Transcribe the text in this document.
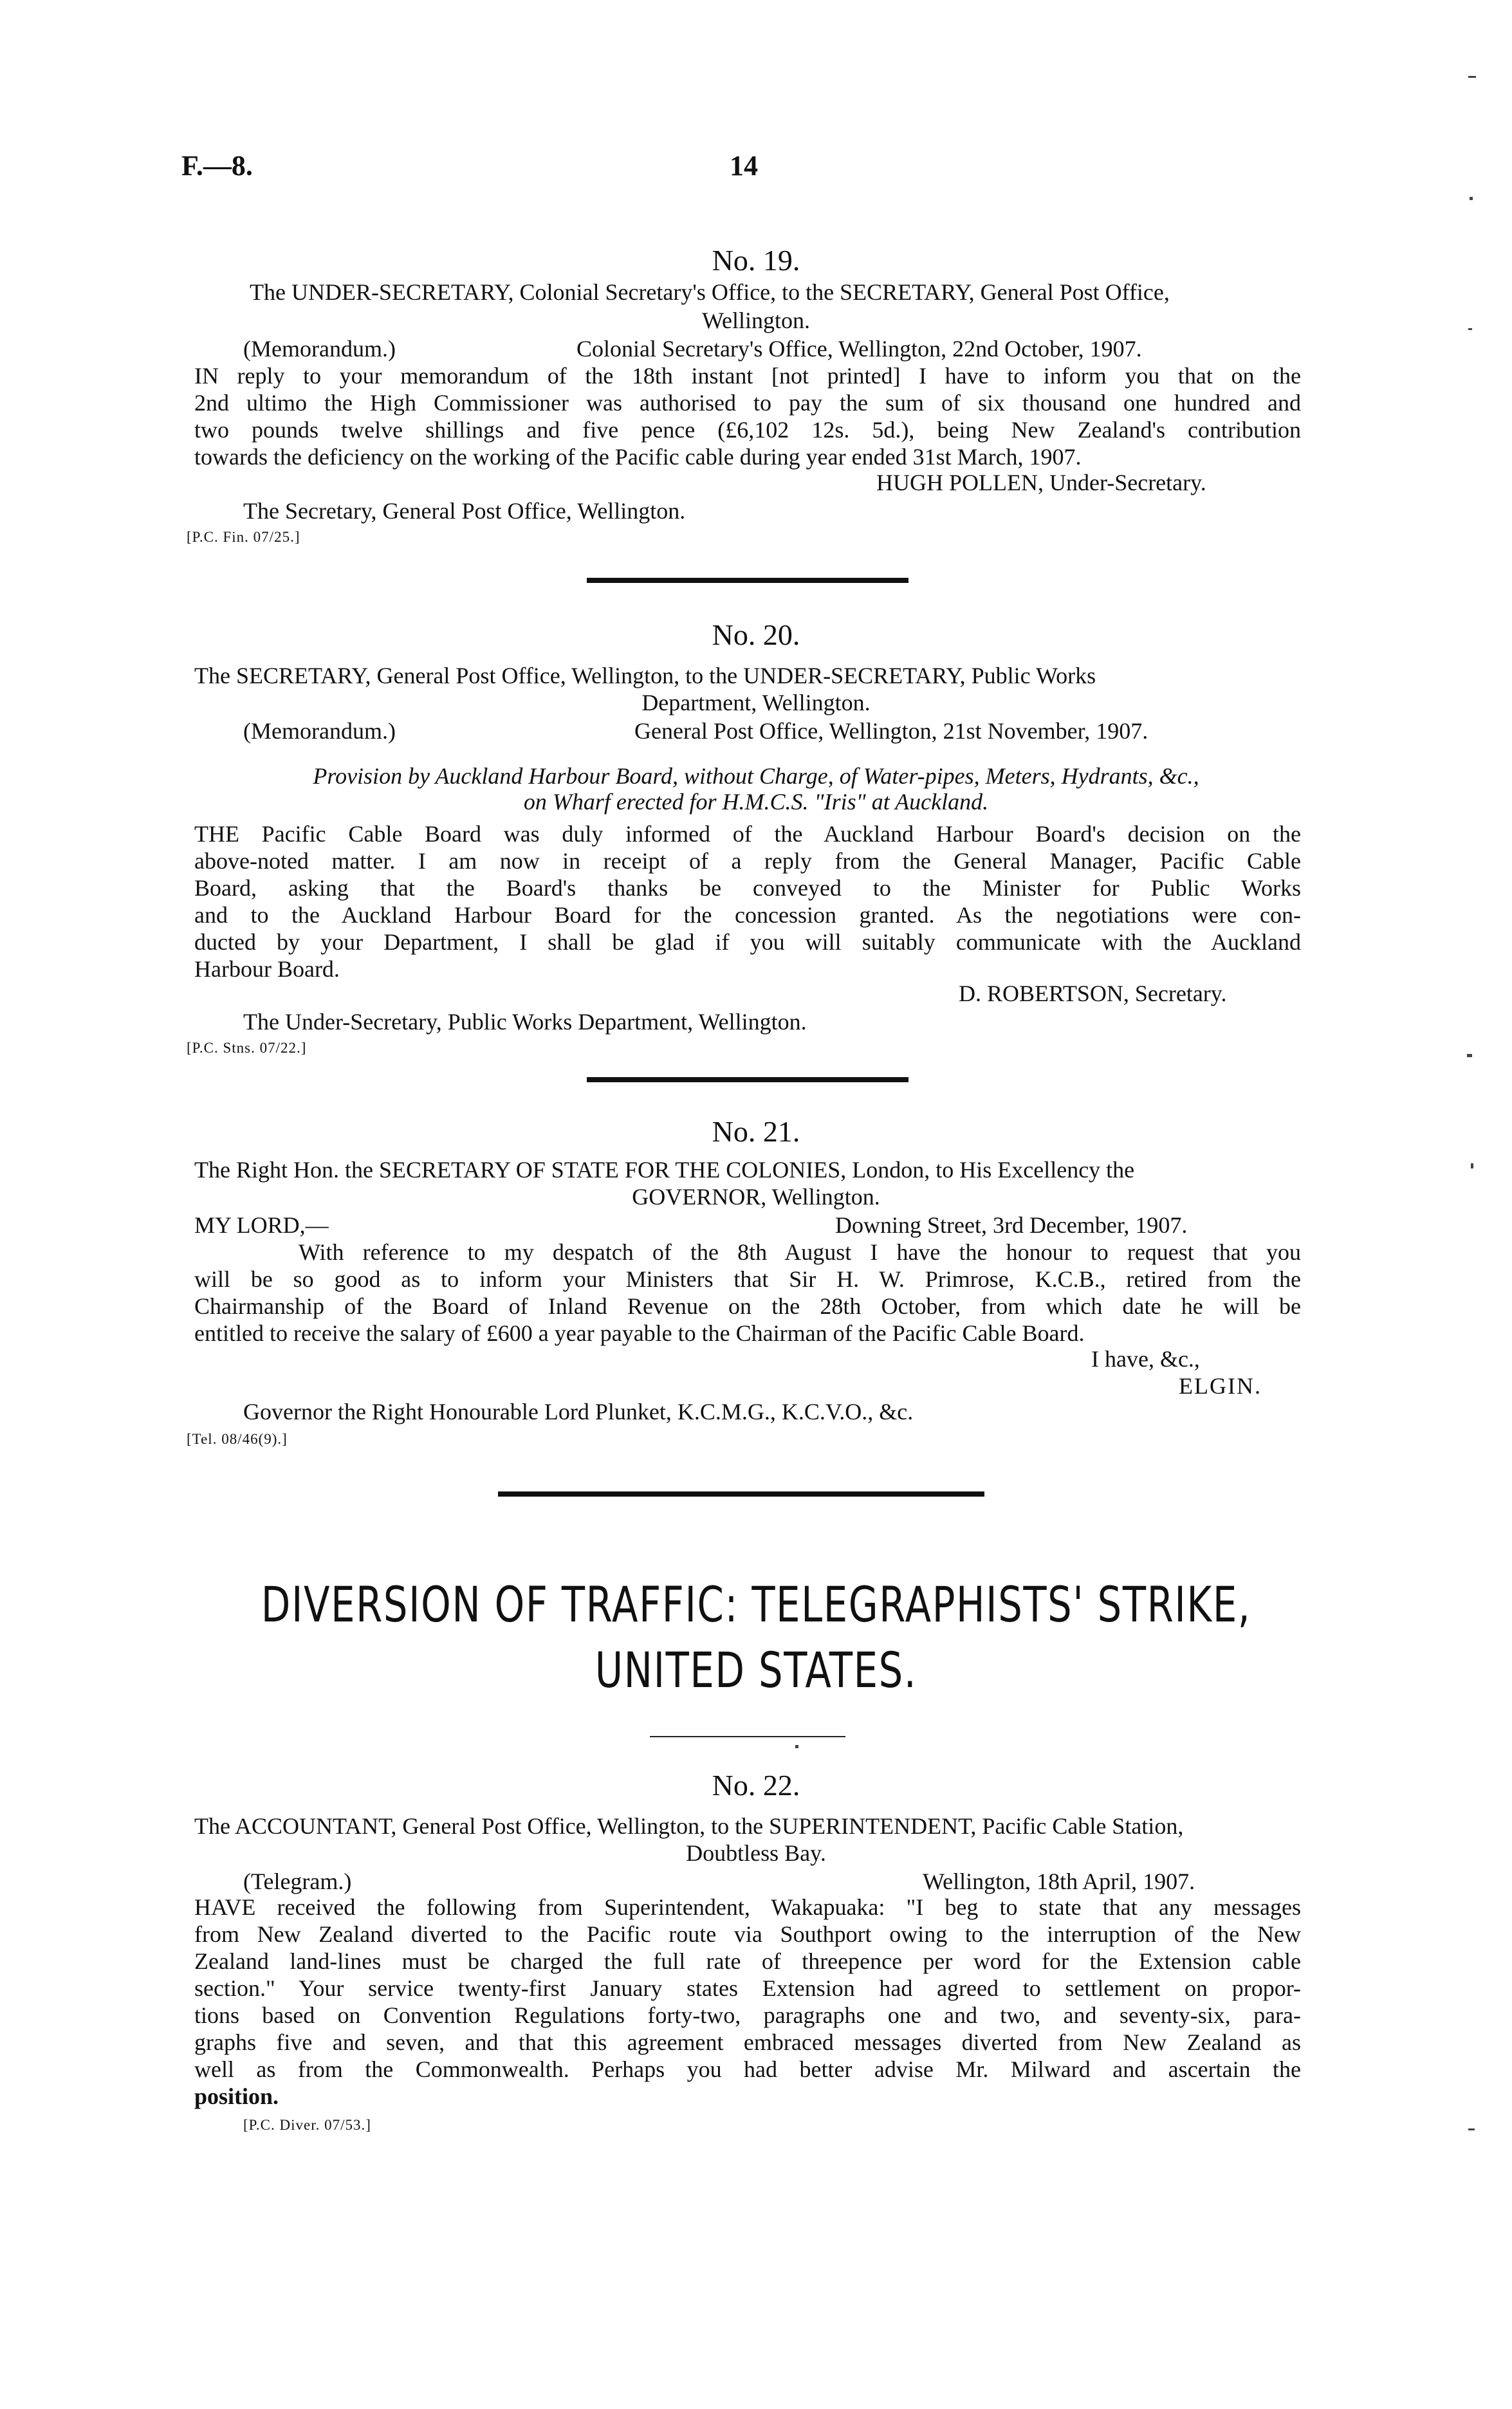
F.—8.	14
No. 19.
The UNDER-SECRETARY, Colonial Secretary's Office, to the SECRETARY, General Post Office,
Wellington.
(Memorandum.)	Colonial Secretary's Office, Wellington, 22nd October, 1907.
IN reply to your memorandum of the 18th instant [not printed] I have to inform you that on the
2nd ultimo the High Commissioner was authorised to pay the sum of six thousand one hundred and
two pounds twelve shillings and five pence (£6,102 12s. 5d.), being New Zealand's contribution
towards the deficiency on the working of the Pacific cable during year ended 31st March, 1907.
HUGH POLLEN, Under-Secretary.
The Secretary, General Post Office, Wellington.
[P.C. Fin. 07/25.]
No. 20.
The SECRETARY, General Post Office, Wellington, to the UNDER-SECRETARY, Public Works
Department, Wellington.
(Memorandum.)	General Post Office, Wellington, 21st November, 1907.
Provision by Auckland Harbour Board, without Charge, of Water-pipes, Meters, Hydrants, &c.,
on Wharf erected for H.M.C.S. "Iris" at Auckland.
THE Pacific Cable Board was duly informed of the Auckland Harbour Board's decision on the
above-noted matter. I am now in receipt of a reply from the General Manager, Pacific Cable
Board, asking that the Board's thanks be conveyed to the Minister for Public Works
and to the Auckland Harbour Board for the concession granted. As the negotiations were con-
ducted by your Department, I shall be glad if you will suitably communicate with the Auckland
Harbour Board.
D. ROBERTSON, Secretary.
The Under-Secretary, Public Works Department, Wellington.
[P.C. Stns. 07/22.]
No. 21.
The Right Hon. the SECRETARY OF STATE FOR THE COLONIES, London, to His Excellency the
GOVERNOR, Wellington.
MY LORD,—	Downing Street, 3rd December, 1907.
With reference to my despatch of the 8th August I have the honour to request that you
will be so good as to inform your Ministers that Sir H. W. Primrose, K.C.B., retired from the
Chairmanship of the Board of Inland Revenue on the 28th October, from which date he will be
entitled to receive the salary of £600 a year payable to the Chairman of the Pacific Cable Board.
I have, &c.,
ELGIN.
Governor the Right Honourable Lord Plunket, K.C.M.G., K.C.V.O., &c.
[Tel. 08/46(9).]
DIVERSION OF TRAFFIC: TELEGRAPHISTS' STRIKE,
UNITED STATES.
No. 22.
The ACCOUNTANT, General Post Office, Wellington, to the SUPERINTENDENT, Pacific Cable Station,
Doubtless Bay.
(Telegram.)	Wellington, 18th April, 1907.
HAVE received the following from Superintendent, Wakapuaka: "I beg to state that any messages
from New Zealand diverted to the Pacific route via Southport owing to the interruption of the New
Zealand land-lines must be charged the full rate of threepence per word for the Extension cable
section." Your service twenty-first January states Extension had agreed to settlement on propor-
tions based on Convention Regulations forty-two, paragraphs one and two, and seventy-six, para-
graphs five and seven, and that this agreement embraced messages diverted from New Zealand as
well as from the Commonwealth. Perhaps you had better advise Mr. Milward and ascertain the
position.
[P.C. Diver. 07/53.]
